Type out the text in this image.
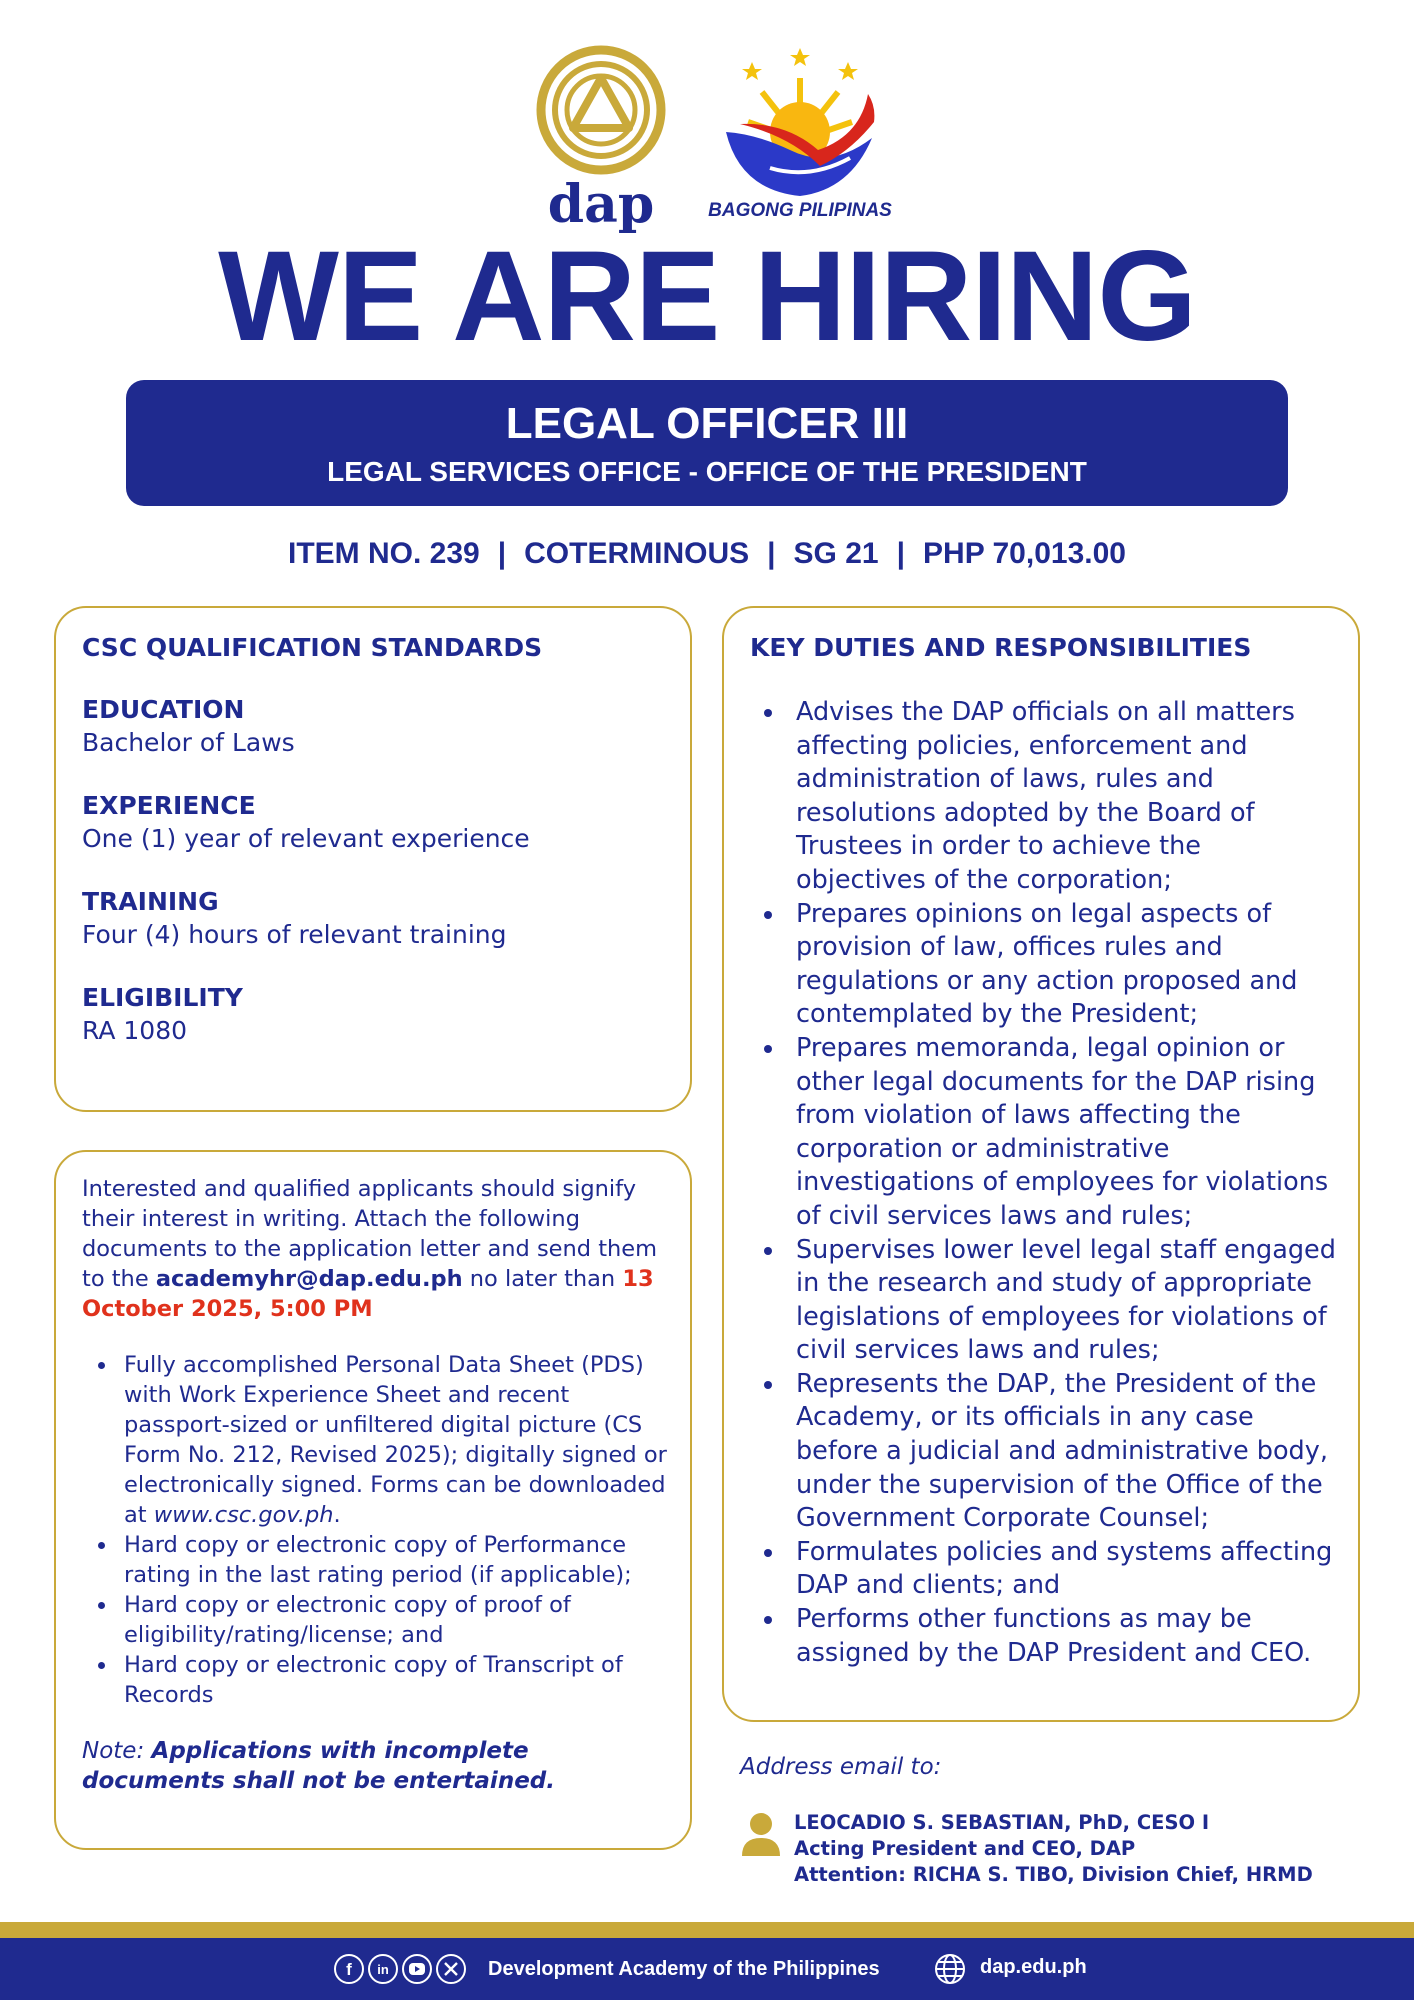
dap	BAGONG PILIPINAS
WE ARE HIRING
LEGAL OFFICER III
LEGAL SERVICES OFFICE - OFFICE OF THE PRESIDENT
ITEM NO. 239 | COTERMINOUS | SG 21 | PHP 70,013.00
CSC QUALIFICATION STANDARDS
EDUCATION
Bachelor of Laws
EXPERIENCE
One (1) year of relevant experience
TRAINING
Four (4) hours of relevant training
ELIGIBILITY
RA 1080
Interested and qualified applicants should signify their interest in writing. Attach the following documents to the application letter and send them to the academyhr@dap.edu.ph no later than 13 October 2025, 5:00 PM
Fully accomplished Personal Data Sheet (PDS) with Work Experience Sheet and recent passport-sized or unfiltered digital picture (CS Form No. 212, Revised 2025); digitally signed or electronically signed. Forms can be downloaded at www.csc.gov.ph.
Hard copy or electronic copy of Performance rating in the last rating period (if applicable);
Hard copy or electronic copy of proof of eligibility/rating/license; and
Hard copy or electronic copy of Transcript of Records
Note: Applications with incomplete documents shall not be entertained.
KEY DUTIES AND RESPONSIBILITIES
Advises the DAP officials on all matters affecting policies, enforcement and administration of laws, rules and resolutions adopted by the Board of Trustees in order to achieve the objectives of the corporation;
Prepares opinions on legal aspects of provision of law, offices rules and regulations or any action proposed and contemplated by the President;
Prepares memoranda, legal opinion or other legal documents for the DAP rising from violation of laws affecting the corporation or administrative investigations of employees for violations of civil services laws and rules;
Supervises lower level legal staff engaged in the research and study of appropriate legislations of employees for violations of civil services laws and rules;
Represents the DAP, the President of the Academy, or its officials in any case before a judicial and administrative body, under the supervision of the Office of the Government Corporate Counsel;
Formulates policies and systems affecting DAP and clients; and
Performs other functions as may be assigned by the DAP President and CEO.
Address email to:
LEOCADIO S. SEBASTIAN, PhD, CESO I
Acting President and CEO, DAP
Attention: RICHA S. TIBO, Division Chief, HRMD
f in	Development Academy of the Philippines	dap.edu.ph
